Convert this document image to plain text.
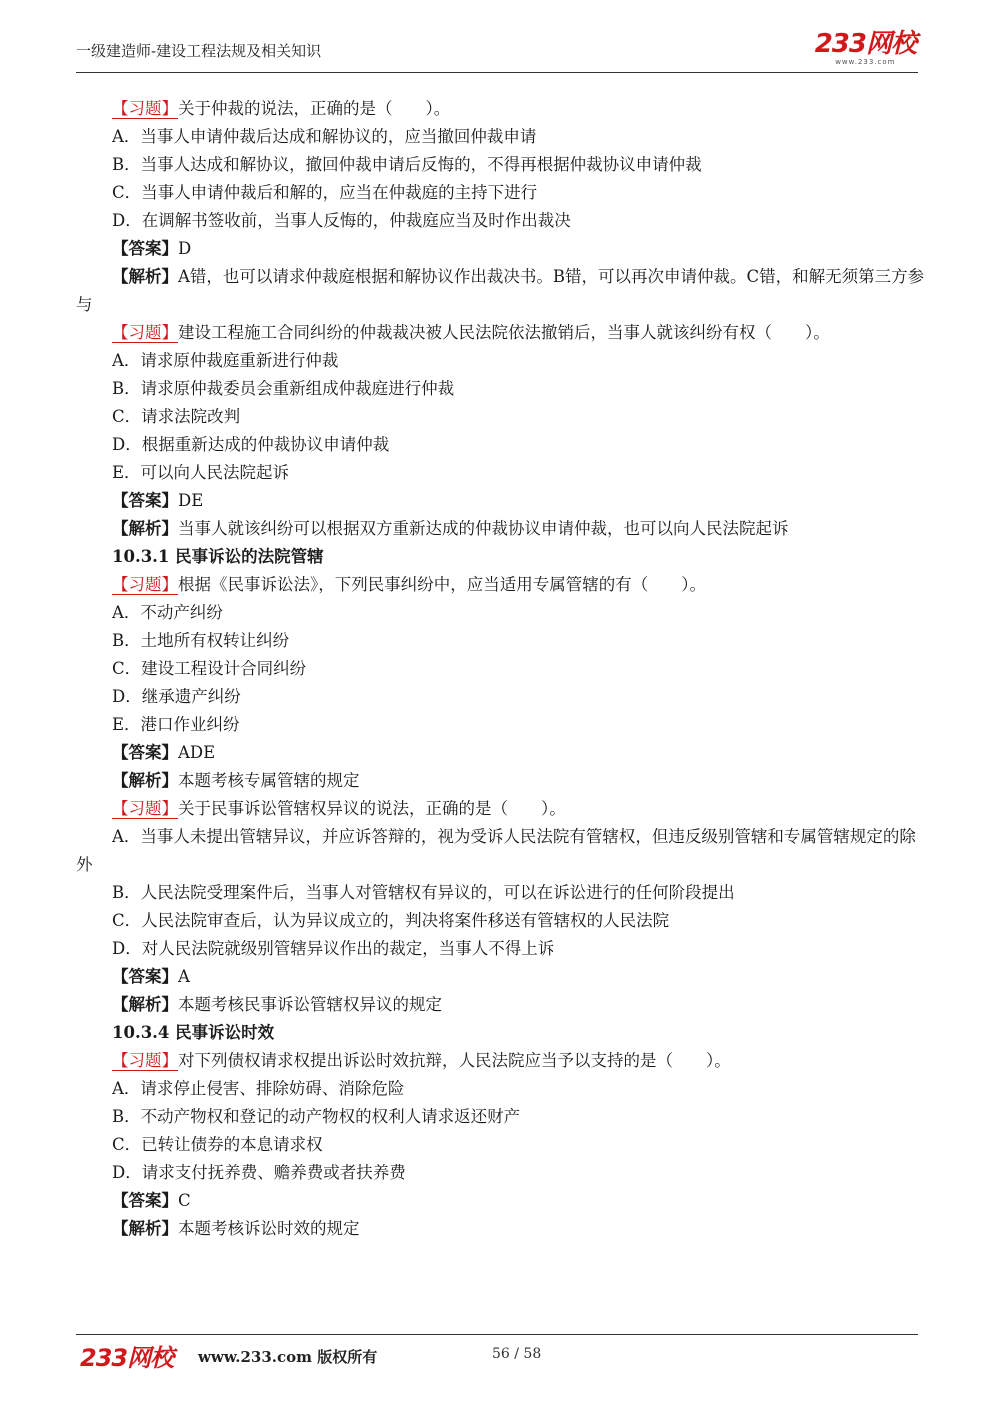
一级建造师-建设工程法规及相关知识	233网校
www.233.com
【习题】关于仲裁的说法，正确的是（　　）。
A．当事人申请仲裁后达成和解协议的，应当撤回仲裁申请
B．当事人达成和解协议，撤回仲裁申请后反悔的，不得再根据仲裁协议申请仲裁
C．当事人申请仲裁后和解的，应当在仲裁庭的主持下进行
D．在调解书签收前，当事人反悔的，仲裁庭应当及时作出裁决
【答案】D
【解析】A错，也可以请求仲裁庭根据和解协议作出裁决书。B错，可以再次申请仲裁。C错，和解无须第三方参与
【习题】建设工程施工合同纠纷的仲裁裁决被人民法院依法撤销后，当事人就该纠纷有权（　　）。
A．请求原仲裁庭重新进行仲裁
B．请求原仲裁委员会重新组成仲裁庭进行仲裁
C．请求法院改判
D．根据重新达成的仲裁协议申请仲裁
E．可以向人民法院起诉
【答案】DE
【解析】当事人就该纠纷可以根据双方重新达成的仲裁协议申请仲裁，也可以向人民法院起诉
10.3.1 民事诉讼的法院管辖
【习题】根据《民事诉讼法》，下列民事纠纷中，应当适用专属管辖的有（　　）。
A．不动产纠纷
B．土地所有权转让纠纷
C．建设工程设计合同纠纷
D．继承遗产纠纷
E．港口作业纠纷
【答案】ADE
【解析】本题考核专属管辖的规定
【习题】关于民事诉讼管辖权异议的说法，正确的是（　　）。
A．当事人未提出管辖异议，并应诉答辩的，视为受诉人民法院有管辖权，但违反级别管辖和专属管辖规定的除外
B．人民法院受理案件后，当事人对管辖权有异议的，可以在诉讼进行的任何阶段提出
C．人民法院审查后，认为异议成立的，判决将案件移送有管辖权的人民法院
D．对人民法院就级别管辖异议作出的裁定，当事人不得上诉
【答案】A
【解析】本题考核民事诉讼管辖权异议的规定
10.3.4 民事诉讼时效
【习题】对下列债权请求权提出诉讼时效抗辩，人民法院应当予以支持的是（　　）。
A．请求停止侵害、排除妨碍、消除危险
B．不动产物权和登记的动产物权的权利人请求返还财产
C．已转让债券的本息请求权
D．请求支付抚养费、赡养费或者扶养费
【答案】C
【解析】本题考核诉讼时效的规定
233网校 www.233.com 版权所有	56 / 58
